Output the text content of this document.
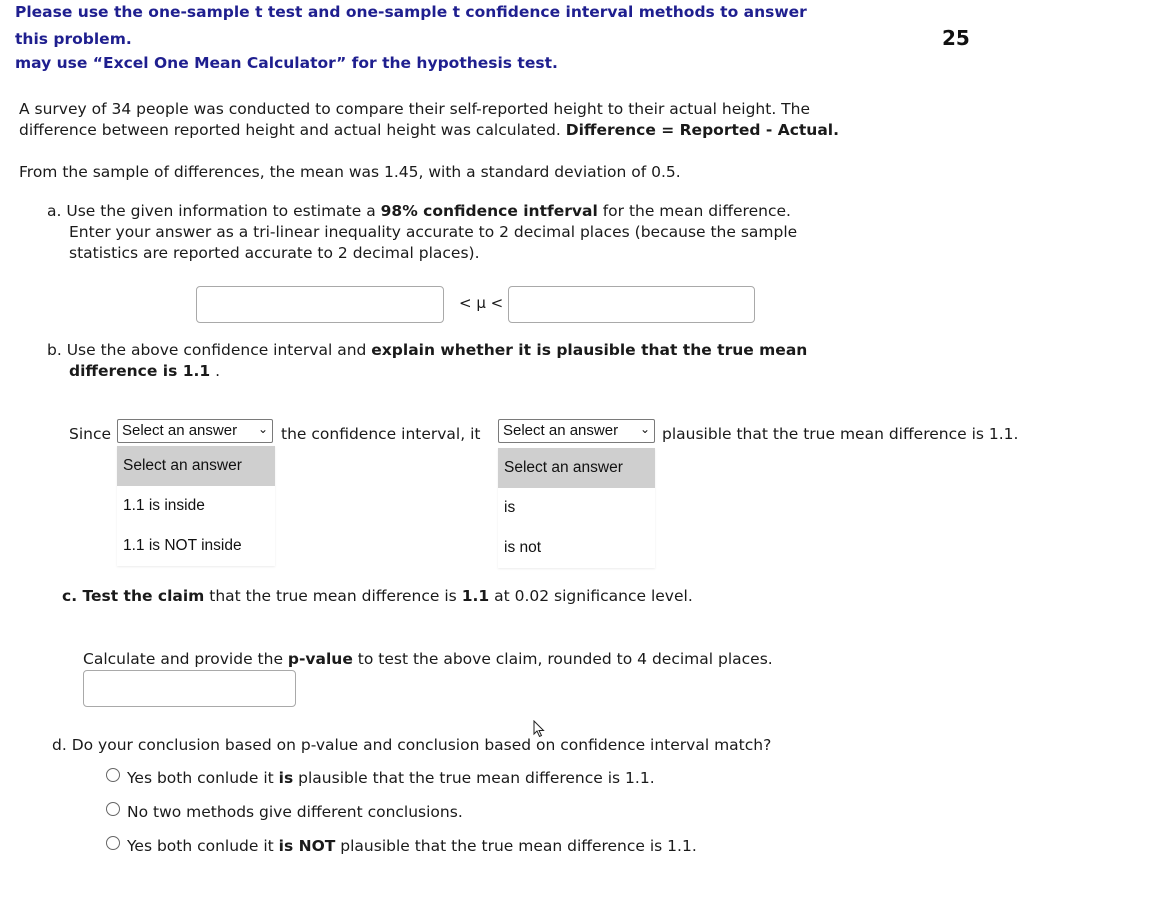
Please use the one-sample t test and one-sample t confidence interval methods to answer
this problem.
may use “Excel One Mean Calculator” for the hypothesis test.
25
A survey of 34 people was conducted to compare their self-reported height to their actual height. The
difference between reported height and actual height was calculated. Difference = Reported - Actual.
From the sample of differences, the mean was 1.45, with a standard deviation of 0.5.
a. Use the given information to estimate a 98% confidence intferval for the mean difference.
Enter your answer as a tri-linear inequality accurate to 2 decimal places (because the sample
statistics are reported accurate to 2 decimal places).
< μ <
b. Use the above confidence interval and explain whether it is plausible that the true mean
difference is 1.1 .
Since Select an answer ⌄ the confidence interval, it	Select an answer ⌄ plausible that the true mean difference is 1.1.
Select an answer
1.1 is inside
1.1 is NOT inside
Select an answer
is
is not
c. Test the claim that the true mean difference is 1.1 at 0.02 significance level.
Calculate and provide the p-value to test the above claim, rounded to 4 decimal places.
d. Do your conclusion based on p-value and conclusion based on confidence interval match?
Yes both conlude it is plausible that the true mean difference is 1.1.
No two methods give different conclusions.
Yes both conlude it is NOT plausible that the true mean difference is 1.1.
